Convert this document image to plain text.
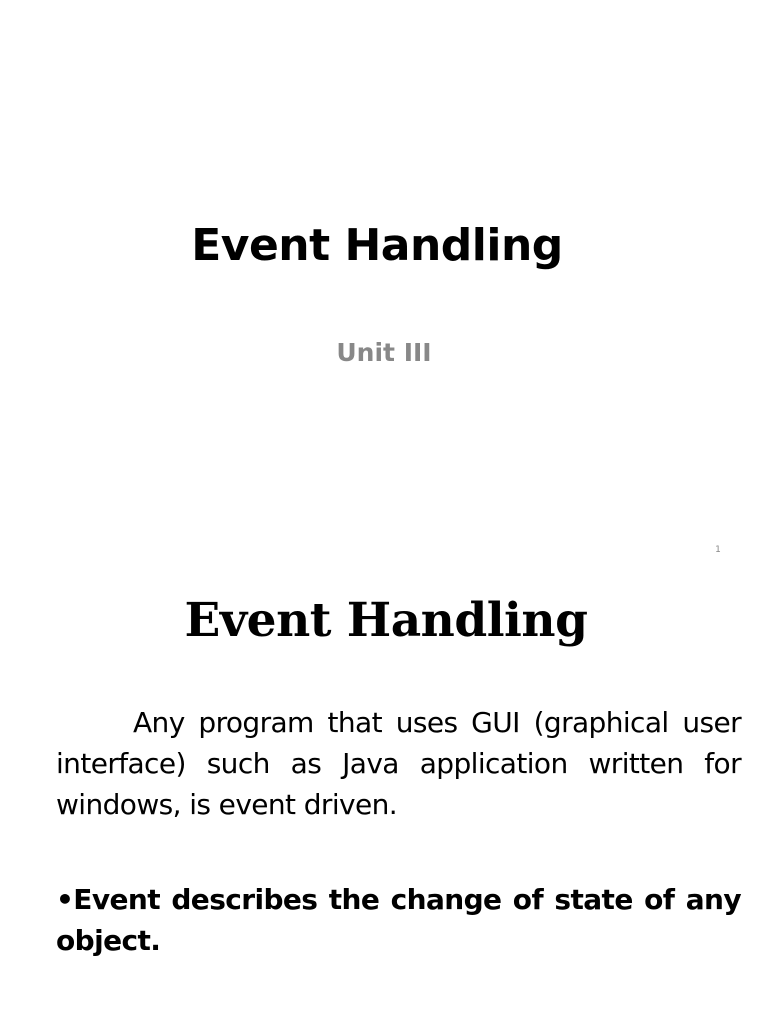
Event Handling
Unit III
1
Event Handling

Any program that uses GUI (graphical user interface) such as Java application written for windows, is event driven.

•Event describes the change of state of any object.
